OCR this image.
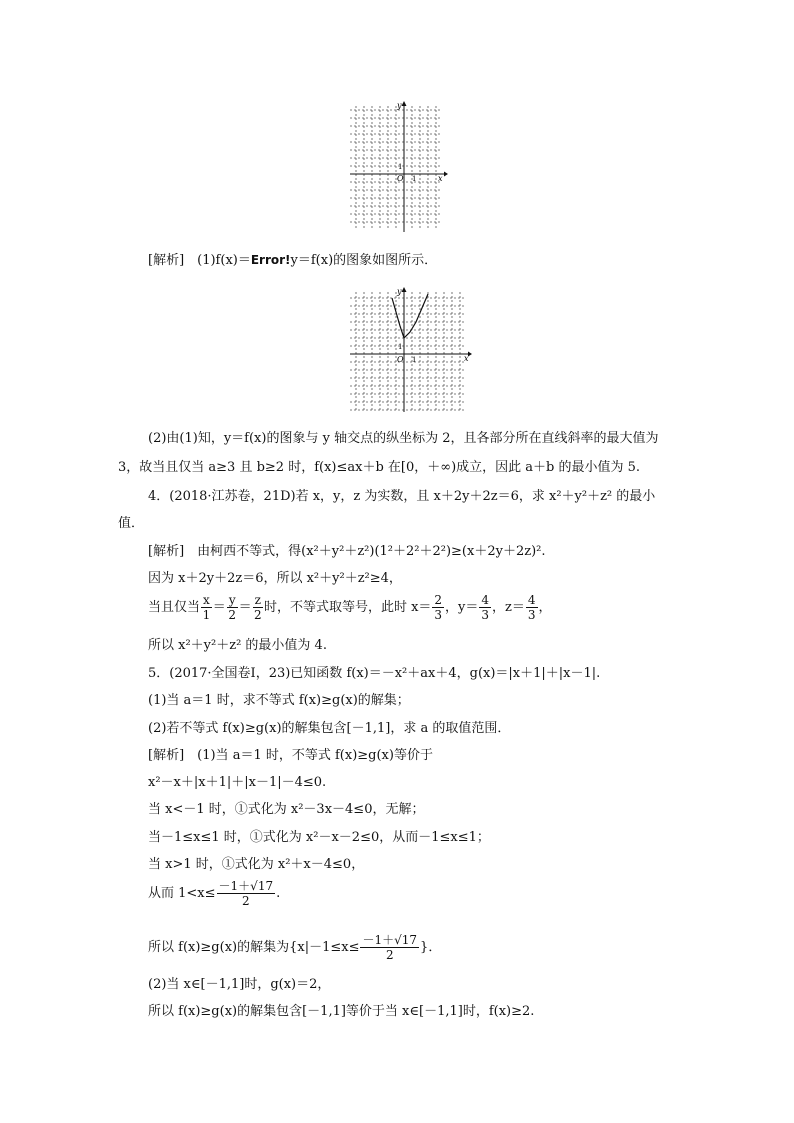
y
x
O 1
1
[解析]　(1)f(x)＝Error!y＝f(x)的图象如图所示．
y
x
O 1
1
(2)由(1)知，y＝f(x)的图象与 y 轴交点的纵坐标为 2，且各部分所在直线斜率的最大值为
3，故当且仅当 a≥3 且 b≥2 时，f(x)≤ax＋b 在[0，＋∞)成立，因此 a＋b 的最小值为 5.
4．(2018·江苏卷，21D)若 x，y，z 为实数，且 x＋2y＋2z＝6，求 x²＋y²＋z² 的最小
值．
[解析]　由柯西不等式，得(x²＋y²＋z²)(1²＋2²＋2²)≥(x＋2y＋2z)².
因为 x＋2y＋2z＝6，所以 x²＋y²＋z²≥4，
当且仅当 $\frac{x}{1} = \frac{y}{2} = \frac{z}{2}$ 时，不等式取等号，此时 $x= \frac{2}{3}$ ，$y= \frac{4}{3}$ ，$z= \frac{4}{3}$ ，
所以 x²＋y²＋z² 的最小值为 4.
5．(2017·全国卷Ⅰ，23)已知函数 f(x)＝－x²＋ax＋4，g(x)＝|x＋1|＋|x－1|.
(1)当 a＝1 时，求不等式 f(x)≥g(x)的解集；
(2)若不等式 f(x)≥g(x)的解集包含[－1,1]，求 a 的取值范围．
[解析]　(1)当 a＝1 时，不等式 f(x)≥g(x)等价于
x²－x＋|x＋1|＋|x－1|－4≤0.
当 x<－1 时，①式化为 x²－3x－4≤0，无解；
当－1≤x≤1 时，①式化为 x²－x－2≤0，从而－1≤x≤1；
当 x>1 时，①式化为 x²＋x－4≤0，
从而 $1<x\le \frac{-1+√17}{2}$ .
所以 f(x)≥g(x)的解集为{$x|-1\le x\le \frac{-1+√17}{2}$ }．
(2)当 x∈[－1,1]时，g(x)＝2，
所以 f(x)≥g(x)的解集包含[－1,1]等价于当 x∈[－1,1]时，f(x)≥2.
